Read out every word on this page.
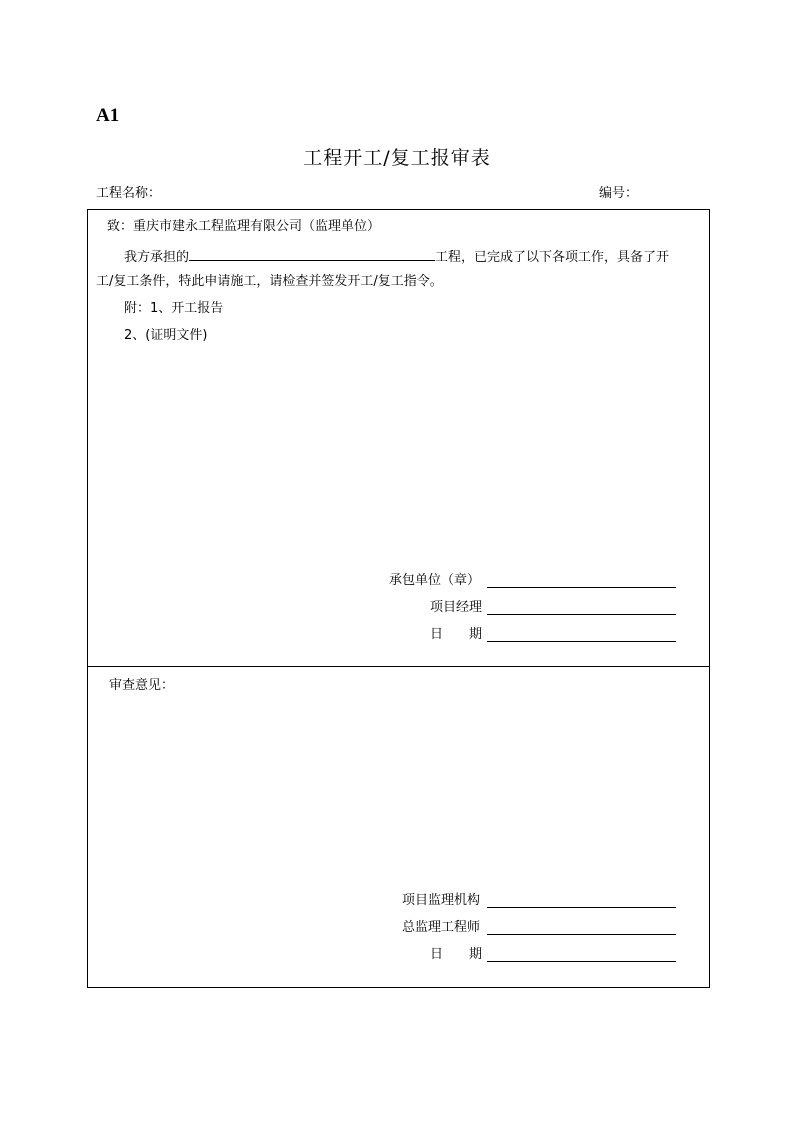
A1
工程开工/复工报审表
工程名称：	编号：
致：重庆市建永工程监理有限公司（监理单位）
我方承担的	工程，已完成了以下各项工作，具备了开
工/复工条件，特此申请施工，请检查并签发开工/复工指令。
附：1、开工报告
2、(证明文件)
承包单位（章）
项目经理
日　　期
审查意见：
项目监理机构
总监理工程师
日　　期
